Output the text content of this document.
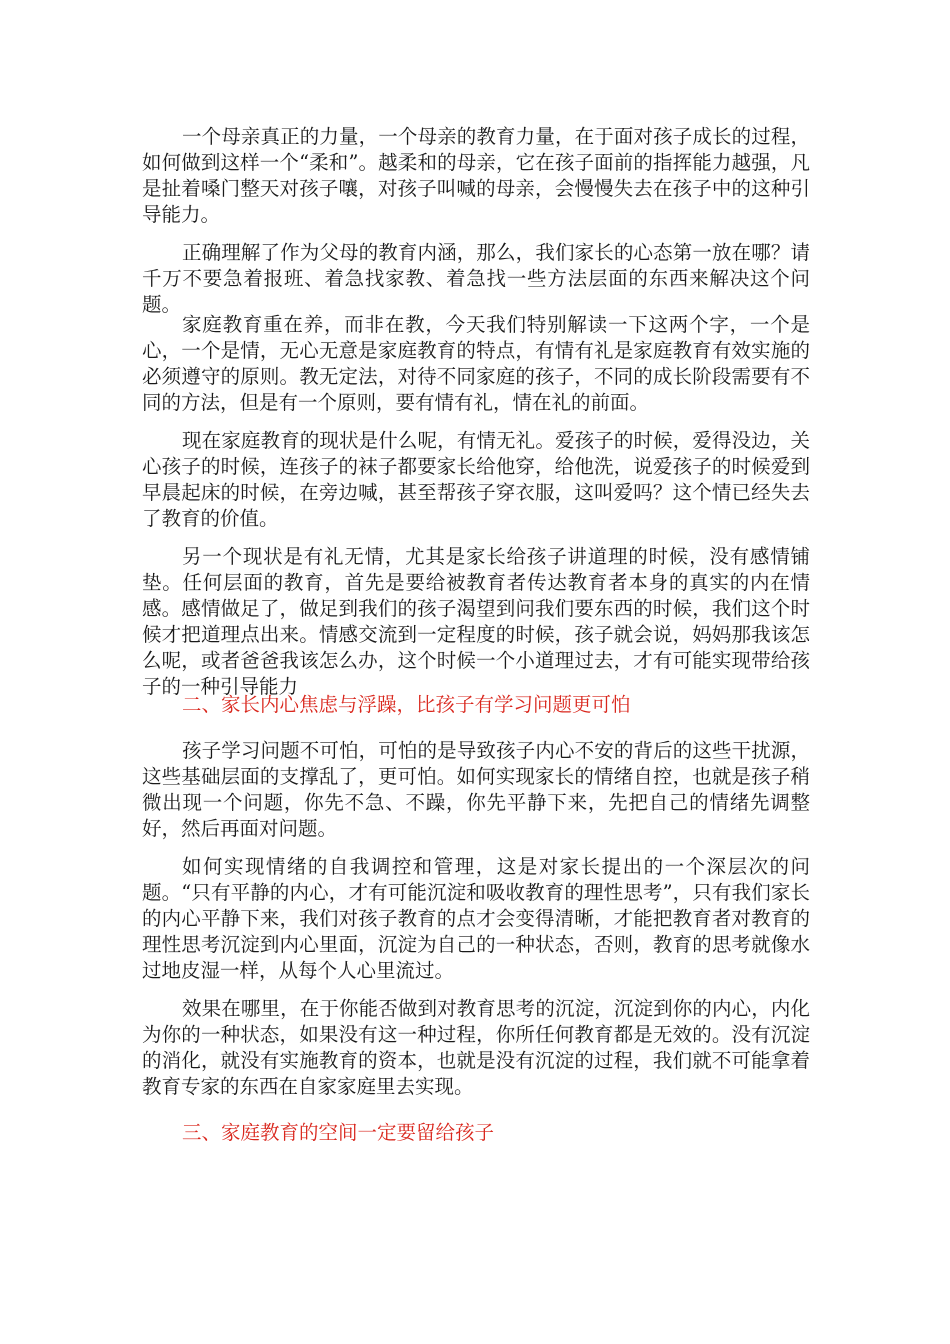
一个母亲真正的力量，一个母亲的教育力量，在于面对孩子成长的过程，如何做到这样一个“柔和”。越柔和的母亲，它在孩子面前的指挥能力越强，凡是扯着嗓门整天对孩子嚷，对孩子叫喊的母亲，会慢慢失去在孩子中的这种引导能力。

正确理解了作为父母的教育内涵，那么，我们家长的心态第一放在哪？请千万不要急着报班、着急找家教、着急找一些方法层面的东西来解决这个问题。

家庭教育重在养，而非在教，今天我们特别解读一下这两个字，一个是心，一个是情，无心无意是家庭教育的特点，有情有礼是家庭教育有效实施的必须遵守的原则。教无定法，对待不同家庭的孩子，不同的成长阶段需要有不同的方法，但是有一个原则，要有情有礼，情在礼的前面。

现在家庭教育的现状是什么呢，有情无礼。爱孩子的时候，爱得没边，关心孩子的时候，连孩子的袜子都要家长给他穿，给他洗，说爱孩子的时候爱到早晨起床的时候，在旁边喊，甚至帮孩子穿衣服，这叫爱吗？这个情已经失去了教育的价值。

另一个现状是有礼无情，尤其是家长给孩子讲道理的时候，没有感情铺垫。任何层面的教育，首先是要给被教育者传达教育者本身的真实的内在情感。感情做足了，做足到我们的孩子渴望到问我们要东西的时候，我们这个时候才把道理点出来。情感交流到一定程度的时候，孩子就会说，妈妈那我该怎么呢，或者爸爸我该怎么办，这个时候一个小道理过去，才有可能实现带给孩子的一种引导能力

二、家长内心焦虑与浮躁，比孩子有学习问题更可怕

孩子学习问题不可怕，可怕的是导致孩子内心不安的背后的这些干扰源，这些基础层面的支撑乱了，更可怕。如何实现家长的情绪自控，也就是孩子稍微出现一个问题，你先不急、不躁，你先平静下来，先把自己的情绪先调整好，然后再面对问题。

如何实现情绪的自我调控和管理，这是对家长提出的一个深层次的问题。“只有平静的内心，才有可能沉淀和吸收教育的理性思考”，只有我们家长的内心平静下来，我们对孩子教育的点才会变得清晰，才能把教育者对教育的理性思考沉淀到内心里面，沉淀为自己的一种状态，否则，教育的思考就像水过地皮湿一样，从每个人心里流过。

效果在哪里，在于你能否做到对教育思考的沉淀，沉淀到你的内心，内化为你的一种状态，如果没有这一种过程，你所任何教育都是无效的。没有沉淀的消化，就没有实施教育的资本，也就是没有沉淀的过程，我们就不可能拿着教育专家的东西在自家家庭里去实现。

三、家庭教育的空间一定要留给孩子
